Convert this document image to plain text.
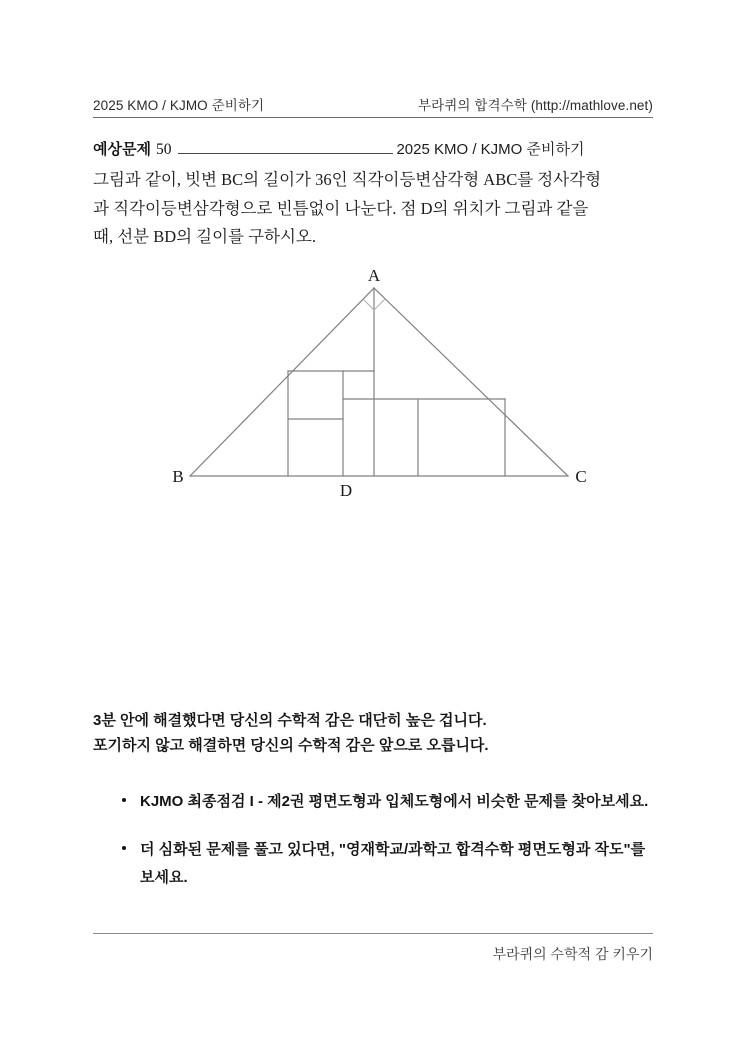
2025 KMO / KJMO 준비하기	부라퀴의 합격수학 (http://mathlove.net)
예상문제 50	2025 KMO / KJMO 준비하기

그림과 같이, 빗변 BC의 길이가 36인 직각이등변삼각형 ABC를 정사각형

과 직각이등변삼각형으로 빈틈없이 나눈다. 점 D의 위치가 그림과 같을

때, 선분 BD의 길이를 구하시오.

A
B	C
D

3분 안에 해결했다면 당신의 수학적 감은 대단히 높은 겁니다.

포기하지 않고 해결하면 당신의 수학적 감은 앞으로 오릅니다.

KJMO 최종점검 I - 제2권 평면도형과 입체도형에서 비슷한 문제를 찾아보세요.
더 심화된 문제를 풀고 있다면, "영재학교/과학고 합격수학 평면도형과 작도"를 보세요.
부라퀴의 수학적 감 키우기
